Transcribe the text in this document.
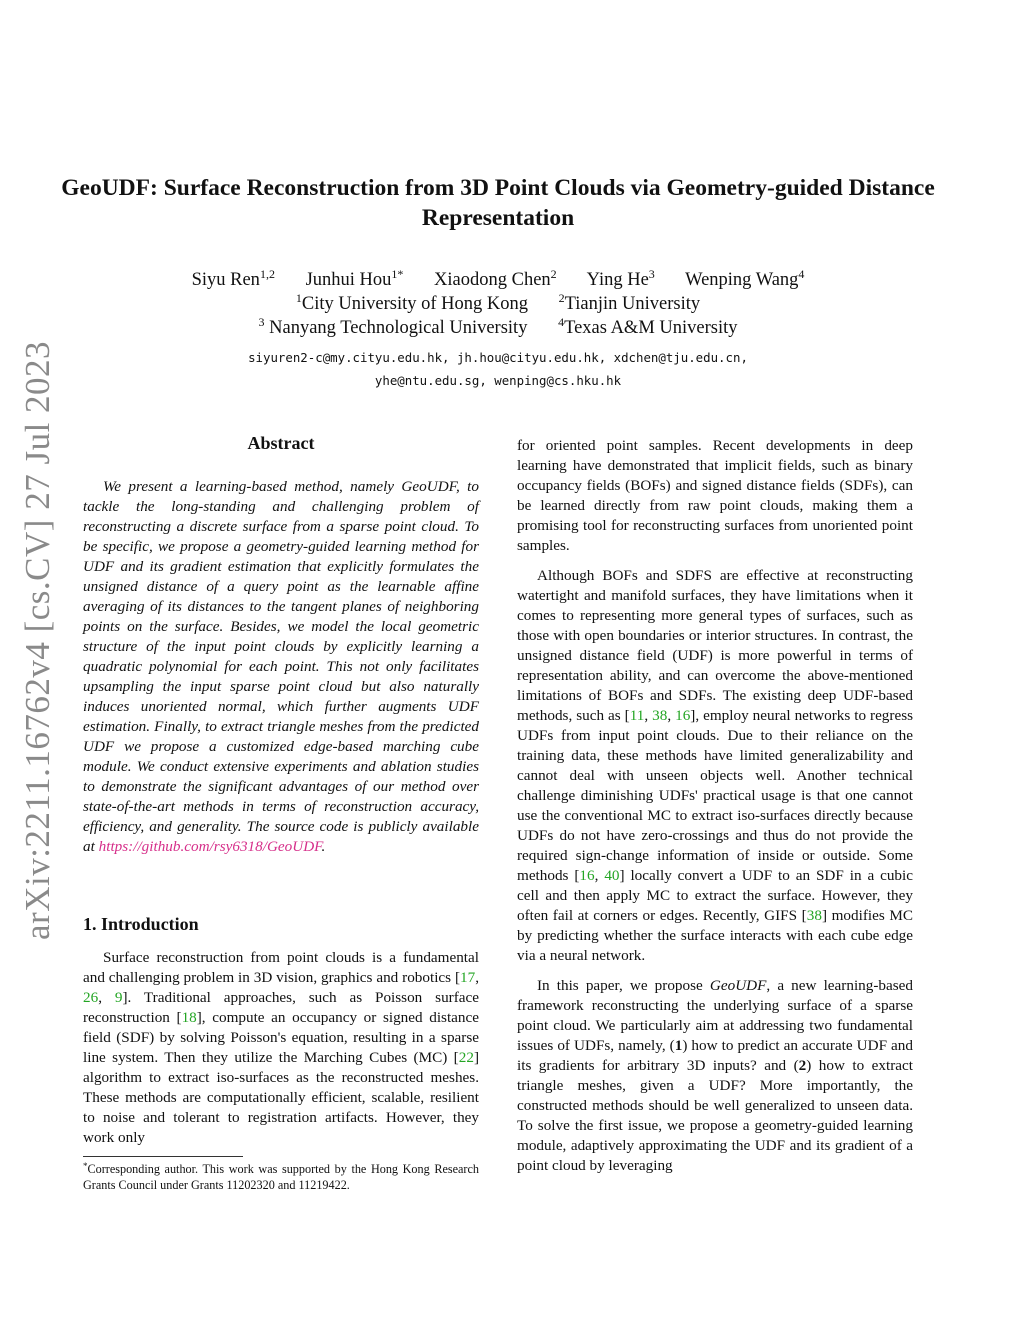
arXiv:2211.16762v4 [cs.CV] 27 Jul 2023
GeoUDF: Surface Reconstruction from 3D Point Clouds via Geometry-guided Distance Representation
Siyu Ren$^{1,2}$ Junhui Hou$^{1*}$ Xiaodong Chen$^2$ Ying He$^3$ Wenping Wang$^4$
$^1$City University of Hong Kong	$^2$Tianjin University
$^3$ Nanyang Technological University	$^4$Texas A&M University
siyuren2-c@my.cityu.edu.hk, jh.hou@cityu.edu.hk, xdchen@tju.edu.cn,
yhe@ntu.edu.sg, wenping@cs.hku.hk
Abstract

We present a learning-based method, namely GeoUDF, to tackle the long-standing and challenging problem of reconstructing a discrete surface from a sparse point cloud. To be specific, we propose a geometry-guided learning method for UDF and its gradient estimation that explicitly formulates the unsigned distance of a query point as the learnable affine averaging of its distances to the tangent planes of neighboring points on the surface. Besides, we model the local geometric structure of the input point clouds by explicitly learning a quadratic polynomial for each point. This not only facilitates upsampling the input sparse point cloud but also naturally induces unoriented normal, which further augments UDF estimation. Finally, to extract triangle meshes from the predicted UDF we propose a customized edge-based marching cube module. We conduct extensive experiments and ablation studies to demonstrate the significant advantages of our method over state-of-the-art methods in terms of reconstruction accuracy, efficiency, and generality. The source code is publicly available at https://github.com/rsy6318/GeoUDF.

1. Introduction

Surface reconstruction from point clouds is a fundamental and challenging problem in 3D vision, graphics and robotics [17, 26, 9]. Traditional approaches, such as Poisson surface reconstruction [18], compute an occupancy or signed distance field (SDF) by solving Poisson's equation, resulting in a sparse line system. Then they utilize the Marching Cubes (MC) [22] algorithm to extract iso-surfaces as the reconstructed meshes. These methods are computationally efficient, scalable, resilient to noise and tolerant to registration artifacts. However, they work only

*Corresponding author. This work was supported by the Hong Kong Research Grants Council under Grants 11202320 and 11219422.

for oriented point samples. Recent developments in deep learning have demonstrated that implicit fields, such as binary occupancy fields (BOFs) and signed distance fields (SDFs), can be learned directly from raw point clouds, making them a promising tool for reconstructing surfaces from unoriented point samples.

Although BOFs and SDFS are effective at reconstructing watertight and manifold surfaces, they have limitations when it comes to representing more general types of surfaces, such as those with open boundaries or interior structures. In contrast, the unsigned distance field (UDF) is more powerful in terms of representation ability, and can overcome the above-mentioned limitations of BOFs and SDFs. The existing deep UDF-based methods, such as [11, 38, 16], employ neural networks to regress UDFs from input point clouds. Due to their reliance on the training data, these methods have limited generalizability and cannot deal with unseen objects well. Another technical challenge diminishing UDFs' practical usage is that one cannot use the conventional MC to extract iso-surfaces directly because UDFs do not have zero-crossings and thus do not provide the required sign-change information of inside or outside. Some methods [16, 40] locally convert a UDF to an SDF in a cubic cell and then apply MC to extract the surface. However, they often fail at corners or edges. Recently, GIFS [38] modifies MC by predicting whether the surface interacts with each cube edge via a neural network.

In this paper, we propose GeoUDF, a new learning-based framework reconstructing the underlying surface of a sparse point cloud. We particularly aim at addressing two fundamental issues of UDFs, namely, (1) how to predict an accurate UDF and its gradients for arbitrary 3D inputs? and (2) how to extract triangle meshes, given a UDF? More importantly, the constructed methods should be well generalized to unseen data. To solve the first issue, we propose a geometry-guided learning module, adaptively approximating the UDF and its gradient of a point cloud by leveraging
